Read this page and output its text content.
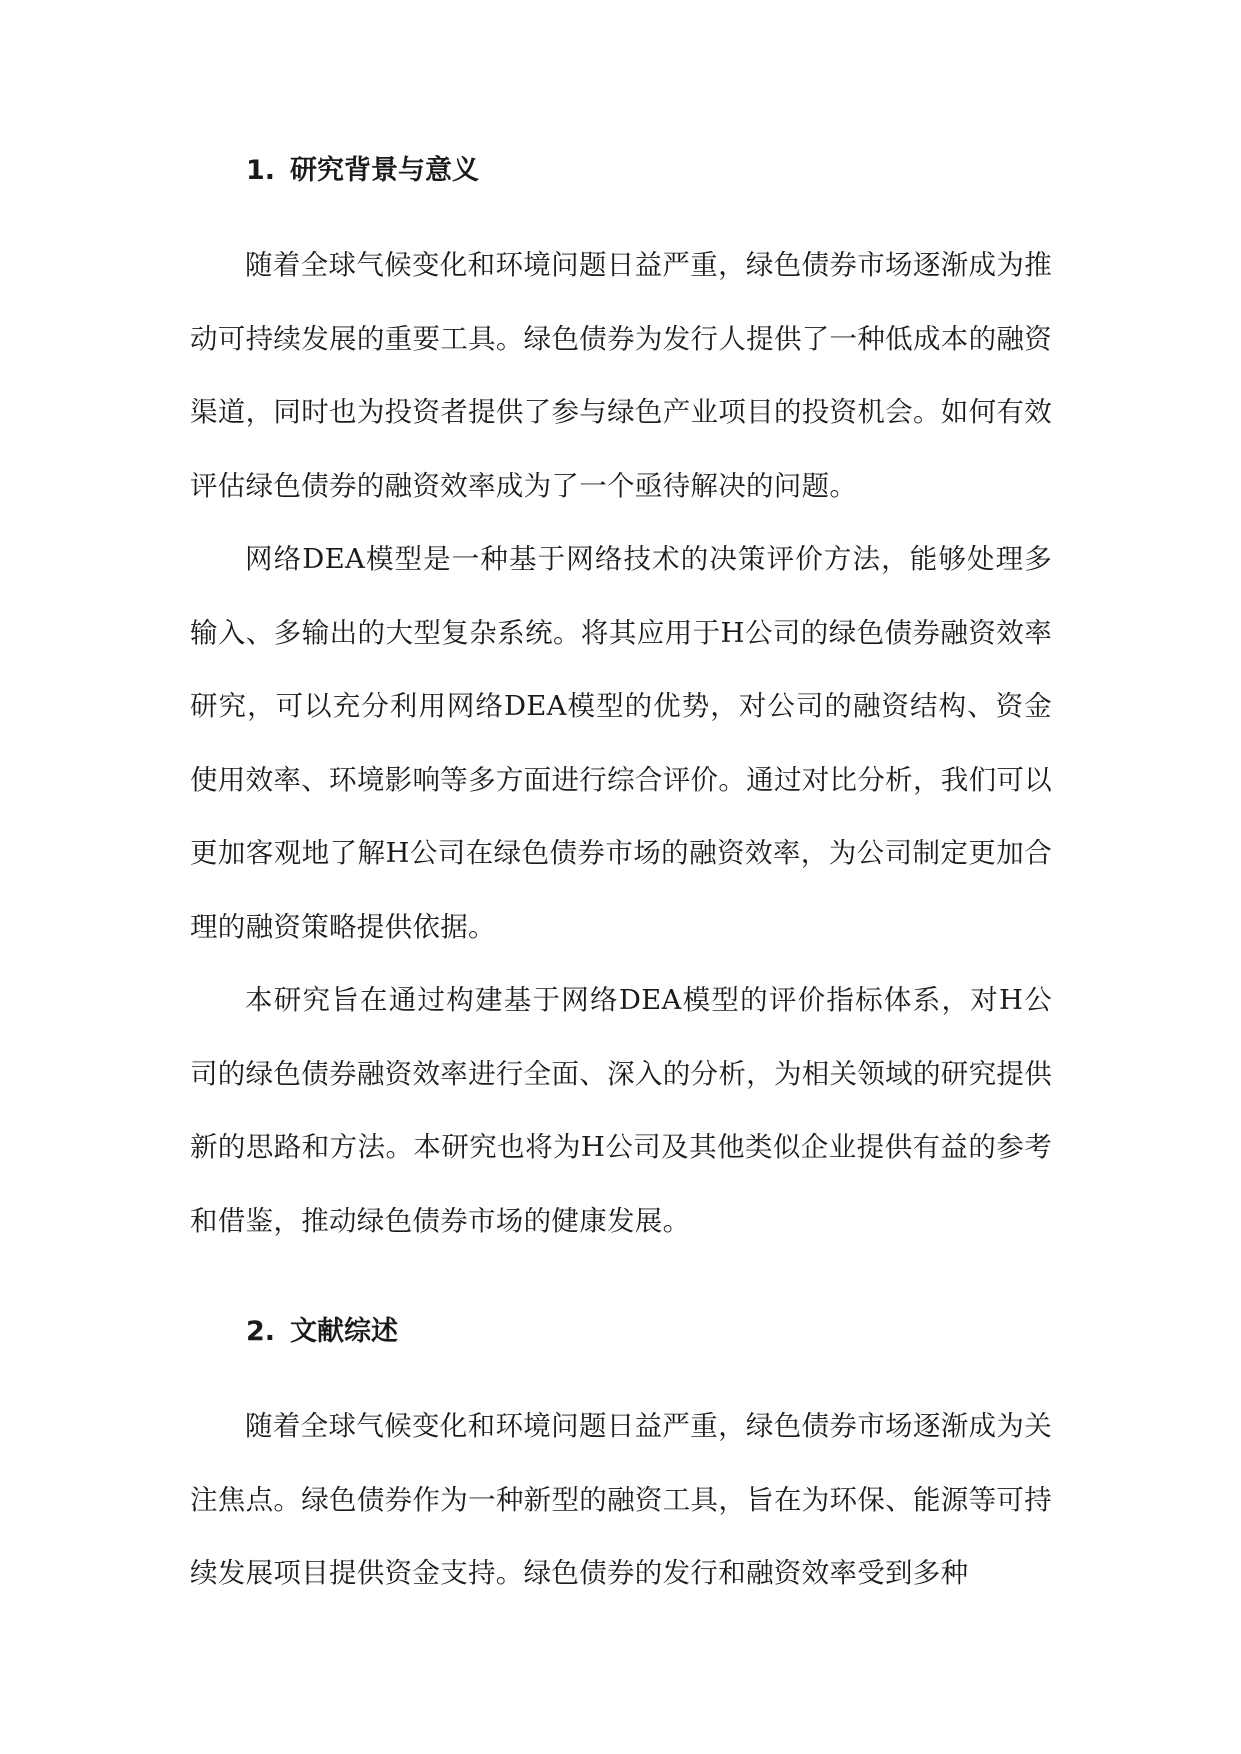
1. 研究背景与意义

随着全球气候变化和环境问题日益严重，绿色债券市场逐渐成为推动可持续发展的重要工具。绿色债券为发行人提供了一种低成本的融资渠道，同时也为投资者提供了参与绿色产业项目的投资机会。如何有效评估绿色债券的融资效率成为了一个亟待解决的问题。

网络DEA模型是一种基于网络技术的决策评价方法，能够处理多输入、多输出的大型复杂系统。将其应用于H公司的绿色债券融资效率研究，可以充分利用网络DEA模型的优势，对公司的融资结构、资金使用效率、环境影响等多方面进行综合评价。通过对比分析，我们可以更加客观地了解H公司在绿色债券市场的融资效率，为公司制定更加合理的融资策略提供依据。

本研究旨在通过构建基于网络DEA模型的评价指标体系，对H公司的绿色债券融资效率进行全面、深入的分析，为相关领域的研究提供新的思路和方法。本研究也将为H公司及其他类似企业提供有益的参考和借鉴，推动绿色债券市场的健康发展。

2. 文献综述

随着全球气候变化和环境问题日益严重，绿色债券市场逐渐成为关注焦点。绿色债券作为一种新型的融资工具，旨在为环保、能源等可持续发展项目提供资金支持。绿色债券的发行和融资效率受到多种
